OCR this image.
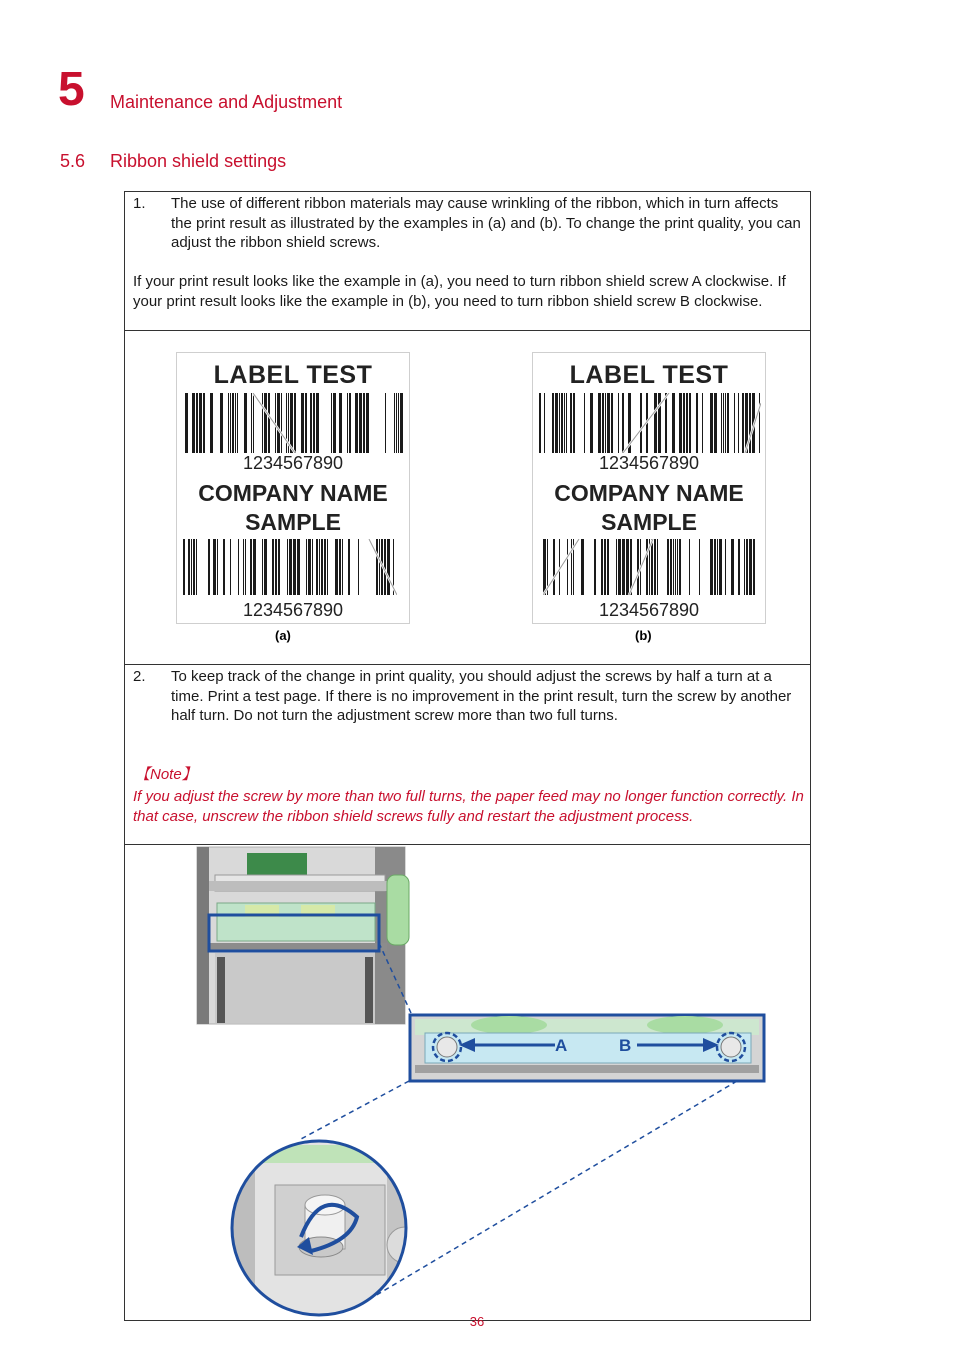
5 Maintenance and Adjustment
5.6 Ribbon shield settings
1. The use of different ribbon materials may cause wrinkling of the ribbon, which in turn affects the print result as illustrated by the examples in (a) and (b). To change the print quality, you can adjust the ribbon shield screws.
If your print result looks like the example in (a), you need to turn ribbon shield screw A clockwise. If your print result looks like the example in (b), you need to turn ribbon shield screw B clockwise.
LABEL TEST
1234567890
COMPANY NAME
SAMPLE
1234567890
(a)
LABEL TEST
1234567890
COMPANY NAME
SAMPLE
1234567890
(b)
2. To keep track of the change in print quality, you should adjust the screws by half a turn at a time. Print a test page. If there is no improvement in the print result, turn the screw by another half turn. Do not turn the adjustment screw more than two full turns.
【Note】
If you adjust the screw by more than two full turns, the paper feed may no longer function correctly. In that case, unscrew the ribbon shield screws fully and restart the adjustment process.
A	B
36
